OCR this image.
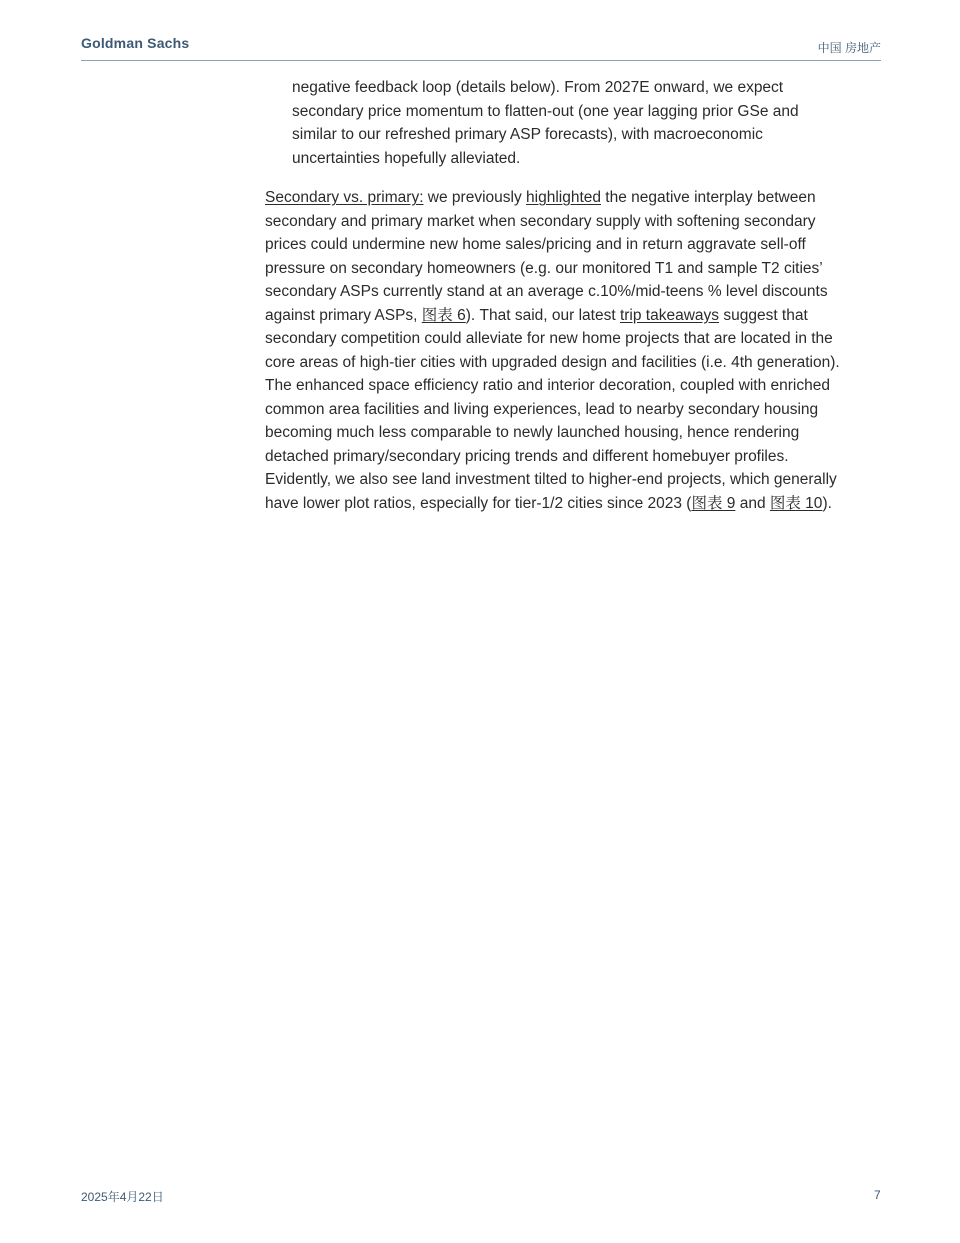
Goldman Sachs	中国 房地产
negative feedback loop (details below). From 2027E onward, we expect
secondary price momentum to flatten-out (one year lagging prior GSe and
similar to our refreshed primary ASP forecasts), with macroeconomic
uncertainties hopefully alleviated.
Secondary vs. primary: we previously highlighted the negative interplay between
secondary and primary market when secondary supply with softening secondary
prices could undermine new home sales/pricing and in return aggravate sell-off
pressure on secondary homeowners (e.g. our monitored T1 and sample T2 cities’
secondary ASPs currently stand at an average c.10%/mid-teens % level discounts
against primary ASPs, 图表 6). That said, our latest trip takeaways suggest that
secondary competition could alleviate for new home projects that are located in the
core areas of high-tier cities with upgraded design and facilities (i.e. 4th generation).
The enhanced space efficiency ratio and interior decoration, coupled with enriched
common area facilities and living experiences, lead to nearby secondary housing
becoming much less comparable to newly launched housing, hence rendering
detached primary/secondary pricing trends and different homebuyer profiles.
Evidently, we also see land investment tilted to higher-end projects, which generally
have lower plot ratios, especially for tier-1/2 cities since 2023 (图表 9 and 图表 10).
2025年4月22日	7
